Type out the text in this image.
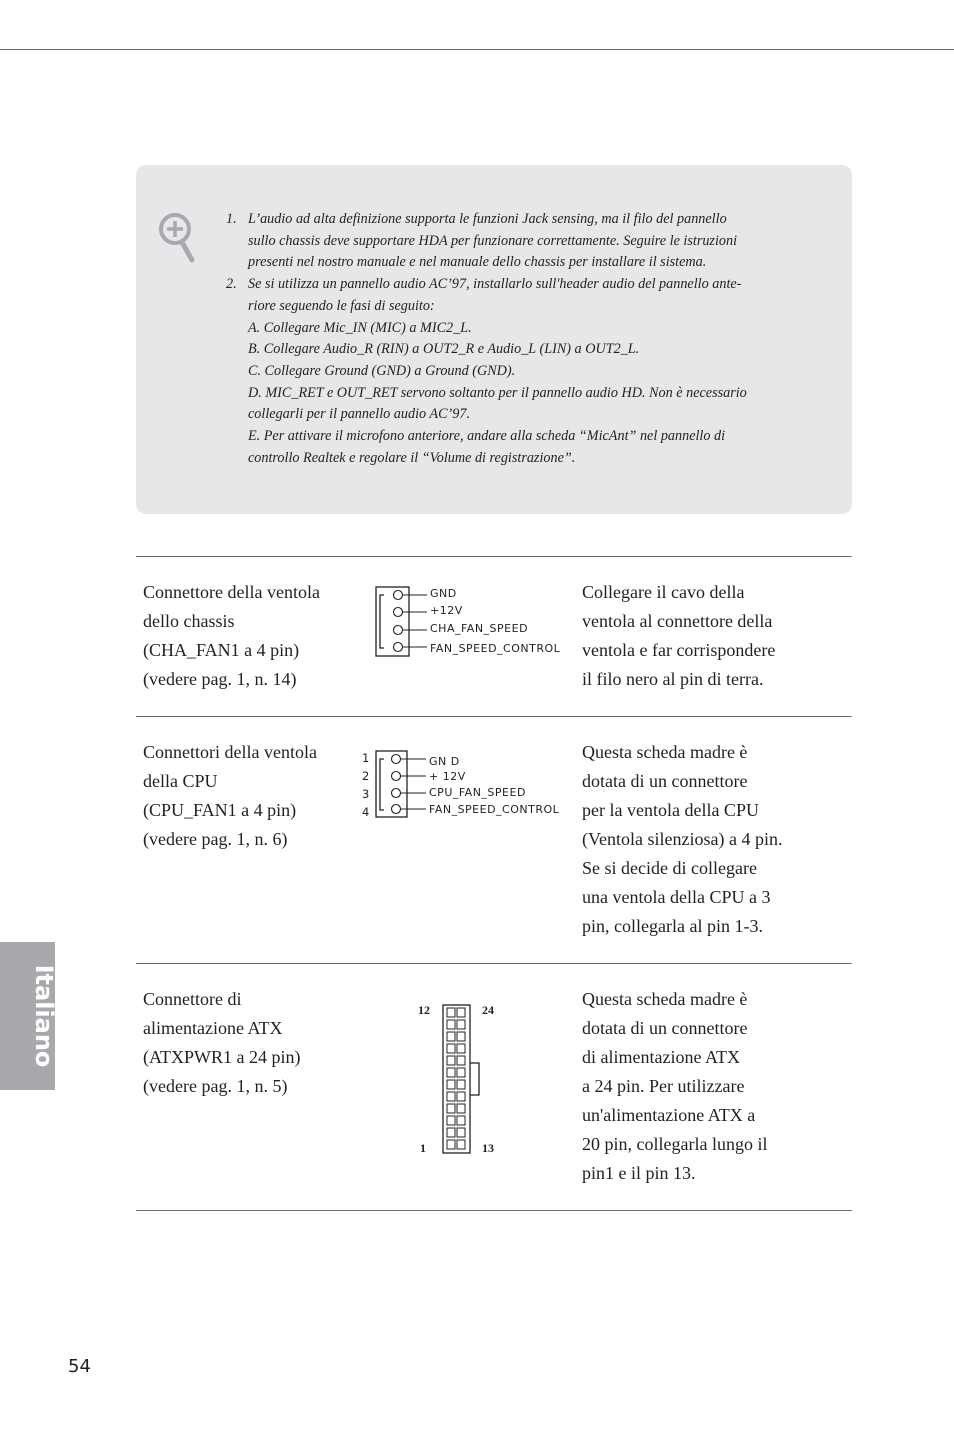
1. L’audio ad alta definizione supporta le funzioni Jack sensing, ma il filo del pannello
sullo chassis deve supportare HDA per funzionare correttamente. Seguire le istruzioni
presenti nel nostro manuale e nel manuale dello chassis per installare il sistema.
2. Se si utilizza un pannello audio AC’97, installarlo sull'header audio del pannello ante-
riore seguendo le fasi di seguito:
A. Collegare Mic_IN (MIC) a MIC2_L.
B. Collegare Audio_R (RIN) a OUT2_R e Audio_L (LIN) a OUT2_L.
C. Collegare Ground (GND) a Ground (GND).
D. MIC_RET e OUT_RET servono soltanto per il pannello audio HD. Non è necessario
collegarli per il pannello audio AC’97.
E. Per attivare il microfono anteriore, andare alla scheda “MicAnt” nel pannello di
controllo Realtek e regolare il “Volume di registrazione”.
Connettore della ventola
dello chassis
(CHA_FAN1 a 4 pin)
(vedere pag. 1, n. 14)
GND
+12V
CHA_FAN_SPEED
FAN_SPEED_CONTROL
Collegare il cavo della
ventola al connettore della
ventola e far corrispondere
il filo nero al pin di terra.
Connettori della ventola
della CPU
(CPU_FAN1 a 4 pin)
(vedere pag. 1, n. 6)
1
2
3
4
GN D
+ 12V
CPU_FAN_SPEED
FAN_SPEED_CONTROL
Questa scheda madre è
dotata di un connettore
per la ventola della CPU
(Ventola silenziosa) a 4 pin.
Se si decide di collegare
una ventola della CPU a 3
pin, collegarla al pin 1-3.
Connettore di
alimentazione ATX
(ATXPWR1 a 24 pin)
(vedere pag. 1, n. 5)
12	24
1	13
Questa scheda madre è
dotata di un connettore
di alimentazione ATX
a 24 pin. Per utilizzare
un'alimentazione ATX a
20 pin, collegarla lungo il
pin1 e il pin 13.
Italiano
54
